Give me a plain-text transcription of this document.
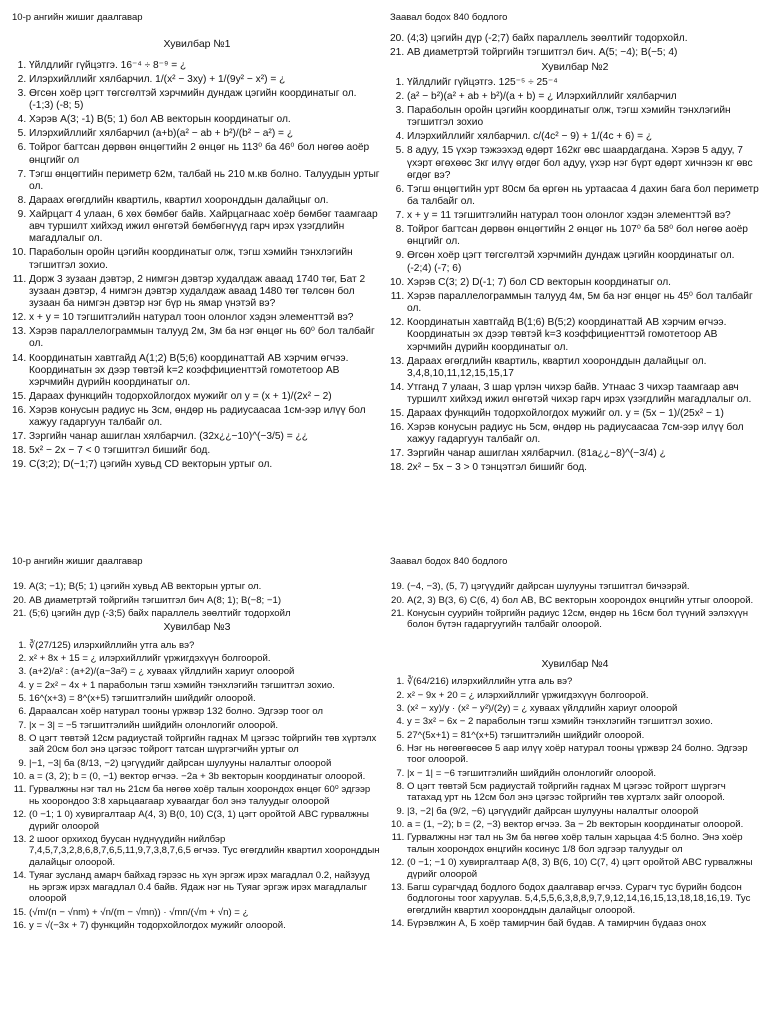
10-р ангийн жишиг даалгавар
Хувилбар №1
1. Үйлдлийг гүйцэтгэ. 16⁻⁴ ÷ 8⁻⁹ = ¿
2. Илэрхийллийг хялбарчил. 1/(x² − 3xy) + 1/(9y² − x²) = ¿
3. Өгсөн хоёр цэгт төгсгөлтэй хэрчмийн дундаж цэгийн координатыг ол. (-1;3) (-8; 5)
4. Хэрэв A(3; -1) B(5; 1) бол AB векторын координатыг ол.
5. Илэрхийллийг хялбарчил (a+b)(a² − ab + b²)/(b² − a²) = ¿
6. Тойрог багтсан дөрвөн өнцөгтийн 2 өнцөг нь 113⁰ ба 46⁰ бол нөгөө аоёр өнцгийг ол
7. Тэгш өнцөгтийн периметр 62м, талбай нь 210 м.кв болно. Талуудын уртыг ол.
8. Дараах өгөгдлийн квартиль, квартил хооронддын далайцыг ол.
9. Хайрцагт 4 улаан, 6 хөх бөмбөг байв. Хайрцагнаас хоёр бөмбөг таамгаар авч туршилт хийхэд ижил өнгөтэй бөмбөгнүүд гарч ирэх үзэгдлийн магадлалыг ол.
10. Параболын оройн цэгийн координатыг олж, тэгш хэмийн тэнхлэгийн тэгшитгэл зохио.
11. Дорж 3 зузаан дэвтэр, 2 нимгэн дэвтэр худалдаж аваад 1740 төг, Бат 2 зузаан дэвтэр, 4 нимгэн дэвтэр худалдаж аваад 1480 төг төлсөн бол зузаан ба нимгэн дэвтэр нэг бүр нь ямар үнэтэй вэ?
12. x + y = 10 тэгшитгэлийн натурал тоон олонлог хэдэн элементтэй вэ?
13. Хэрэв параллелограммын талууд 2м, 3м ба нэг өнцөг нь 60⁰ бол талбайг ол.
14. Координатын хавтгайд A(1;2) B(5;6) координаттай AB хэрчим өгчээ. Координатын эх дээр төвтэй k=2 коэффициенттэй гомотетоор AB хэрчмийн дүрийн координатыг ол.
15. Дараах функцийн тодорхойлогдох мужийг ол y = (x + 1)/(2x² − 2)
16. Хэрэв конусын радиус нь 3см, өндөр нь радиусаасаа 1см-ээр илүү бол хажуу гадаргуун талбайг ол.
17. Зэргийн чанар ашиглан хялбарчил. (32x¿¿−10)^(−3/5) = ¿¿
18. 5x² − 2x − 7 < 0 тэгшитгэл бишийг бод.
19. C(3;2); D(−1;7) цэгийн хувьд CD векторын уртыг ол.
Заавал бодох 840 бодлого
20. (4;3) цэгийн дүр (-2;7) байх параллель зөөлтийг тодорхойл.
21. AB диаметртэй тойргийн тэгшитгэл бич. A(5; −4); B(−5; 4)
Хувилбар №2
1. Үйлдлийг гүйцэтгэ. 125⁻⁵ ÷ 25⁻⁴
2. (a² − b²)(a² + ab + b²)/(a + b) = ¿ Илэрхийллийг хялбарчил
3. Параболын оройн цэгийн координатыг олж, тэгш хэмийн тэнхлэгийн тэгшитгэл зохио
4. Илэрхийллийг хялбарчил. c/(4c² − 9) + 1/(4c + 6) = ¿
5. 8 адуу, 15 үхэр тэжээхэд өдөрт 162кг өвс шаардагдана. Хэрэв 5 адуу, 7 үхэрт өгөхөөс 3кг илүү өгдөг бол адуу, үхэр нэг бүрт өдөрт хичнээн кг өвс өгдөг вэ?
6. Тэгш өнцөгтийн урт 80см ба өргөн нь уртаасаа 4 дахин бага бол периметр ба талбайг ол.
7. x + y = 11 тэгшитгэлийн натурал тоон олонлог хэдэн элементтэй вэ?
8. Тойрог багтсан дөрвөн өнцөгтийн 2 өнцөг нь 107⁰ ба 58⁰ бол нөгөө аоёр өнцгийг ол.
9. Өгсөн хоёр цэгт төгсгөлтэй хэрчмийн дундаж цэгийн координатыг ол. (-2;4) (-7; 6)
10. Хэрэв C(3; 2) D(-1; 7) бол CD векторын координатыг ол.
11. Хэрэв параллелограммын талууд 4м, 5м ба нэг өнцөг нь 45⁰ бол талбайг ол.
12. Координатын хавтгайд B(1;6) B(5;2) координаттай AB хэрчим өгчээ. Координатын эх дээр төвтэй k=3 коэффициенттэй гомотетоор AB хэрчмийн дүрийн координатыг ол.
13. Дараах өгөгдлийн квартиль, квартил хооронддын далайцыг ол. 3,4,8,10,11,12,15,15,17
14. Утганд 7 улаан, 3 шар үрлэн чихэр байв. Утнаас 3 чихэр таамгаар авч туршилт хийхэд ижил өнгөтэй чихэр гарч ирэх үзэгдлийн магадлалыг ол.
15. Дараах функцийн тодорхойлогдох мужийг ол. y = (5x − 1)/(25x² − 1)
16. Хэрэв конусын радиус нь 5см, өндөр нь радиусаасаа 7см-ээр илүү бол хажуу гадаргуун талбайг ол.
17. Зэргийн чанар ашиглан хялбарчил. (81a¿¿−8)^(−3/4) ¿
18. 2x² − 5x − 3 > 0 тэнцэтгэл бишийг бод.
10-р ангийн жишиг даалгавар
19. A(3; −1); B(5; 1) цэгийн хувьд AB векторын уртыг ол.
20. AB диаметртэй тойргийн тэгшитгэл бич A(8; 1); B(−8; −1)
21. (5;6) цэгийн дүр (-3;5) байх параллель зөөлтийг тодорхойл
Хувилбар №3
1. ∛(27/125) илэрхийллийн утга аль вэ?
2. x² + 8x + 15 = ¿ илэрхийллийг үржигдэхүүн болгоорой.
3. (a+2)/a² : (a+2)/(a−3a²) = ¿ хуваах үйлдлийн хариуг олоорой
4. y = 2x² − 4x + 1 параболын тэгш хэмийн тэнхлэгийн тэгшитгэл зохио.
5. 16^(x+3) = 8^(x+5) тэгшитгэлийн шийдийг олоорой.
6. Дараалсан хоёр натурал тооны үржвэр 132 болно. Эдгээр тоог ол
7. |x − 3| = −5 тэгшитгэлийн шийдийн олонлогийг олоорой.
8. О цэгт төвтэй 12см радиустай тойргийн гаднах М цэгээс тойргийн төв хүртэлх зай 20см бол энэ цэгээс тойрогт татсан шүргэгчийн уртыг ол
9. |−1, −3| ба (8/13, −2) цэгүүдийг дайрсан шулууны налалтыг олоорой
10. a = (3, 2); b = (0, −1) вектор өгчээ. −2a + 3b векторын координатыг олоорой.
11. Гурвалжны нэг тал нь 21см ба нөгөө хоёр талын хоорондох өнцөг 60⁰ эдгээр нь хоорондоо 3:8 харьцаагаар хуваагдаг бол энэ талуудыг олоорой
12. (0 −1; 1 0) хувиргалтаар A(4, 3) B(0, 10) C(3, 1) цэгт оройтой ABC гурвалжны дүрийг олоорой
13. 2 шоог орхиход буусан нүднүүдийн нийлбэр 7,4,5,7,3,2,8,6,8,7,6,5,11,9,7,3,8,7,6,5 өгчээ. Тус өгөгдлийн квартил хооронддын далайцыг олоорой.
14. Туяаг зусланд амарч байхад гэрээс нь хүн эргэж ирэх магадлал 0.2, найзууд нь эргэж ирэх магадлал 0.4 байв. Ядаж нэг нь Туяаг эргэж ирэх магадлалыг олоорой
15. (√m/(n − √nm) + √n/(m − √mn)) · √mn/(√m + √n) = ¿
16. y = √(−3x + 7) функцийн тодорхойлогдох мужийг олоорой.
Заавал бодох 840 бодлого
19. (−4, −3), (5, 7) цэгүүдийг дайрсан шулууны тэгшитгэл бичээрэй.
20. A(2, 3) B(3, 6) C(6, 4) бол AB, BC векторын хоорондох өнцгийн утгыг олоорой.
21. Конусын суурийн тойргийн радиус 12см, өндөр нь 16см бол түүний ээлэхүүн болон бүтэн гадаргуугийн талбайг олоорой.
Хувилбар №4
1. ∛(64/216) илэрхийллийн утга аль вэ?
2. x² − 9x + 20 = ¿ илэрхийллийг үржигдэхүүн болгоорой.
3. (x² − xy)/y · (x² − y²)/(2y) = ¿ хуваах үйлдлийн хариуг олоорой
4. y = 3x² − 6x − 2 параболын тэгш хэмийн тэнхлэгийн тэгшитгэл зохио.
5. 27^(5x+1) = 81^(x+5) тэгшитгэлийн шийдийг олоорой.
6. Нэг нь нөгөөгөөсөө 5 аар илүү хоёр натурал тооны үржвэр 24 болно. Эдгээр тоог олоорой.
7. |x − 1| = −6 тэгшитгэлийн шийдийн олонлогийг олоорой.
8. О цэгт төвтэй 5см радиустай тойргийн гаднах М цэгээс тойрогт шүргэгч татахад урт нь 12см бол энэ цэгээс тойргийн төв хүртэлх зайг олоорой.
9. |3, −2| ба (9/2, −6) цэгүүдийг дайрсан шулууны налалтыг олоорой
10. a = (1, −2); b = (2, −3) вектор өгчээ. 3a − 2b векторын координатыг олоорой.
11. Гурвалжны нэг тал нь 3м ба нөгөө хоёр талын харьцаа 4:5 болно. Энэ хоёр талын хоорондох өнцгийн косинус 1/8 бол эдгээр талуудыг ол
12. (0 −1; −1 0) хувиргалтаар A(8, 3) B(6, 10) C(7, 4) цэгт оройтой ABC гурвалжны дүрийг олоорой
13. Багш сурагчдад бодлого бодох даалгавар өгчээ. Сурагч тус бүрийн бодсон бодлогоны тоог харуулав. 5,4,5,5,6,3,8,8,9,7,9,12,14,16,15,13,18,18,16,19. Тус өгөгдлийн квартил хооронддын далайцыг олоорой.
14. Бүрэвлжин А, Б хоёр тамирчин бай бүдав. А тамирчин бүдааз онох
